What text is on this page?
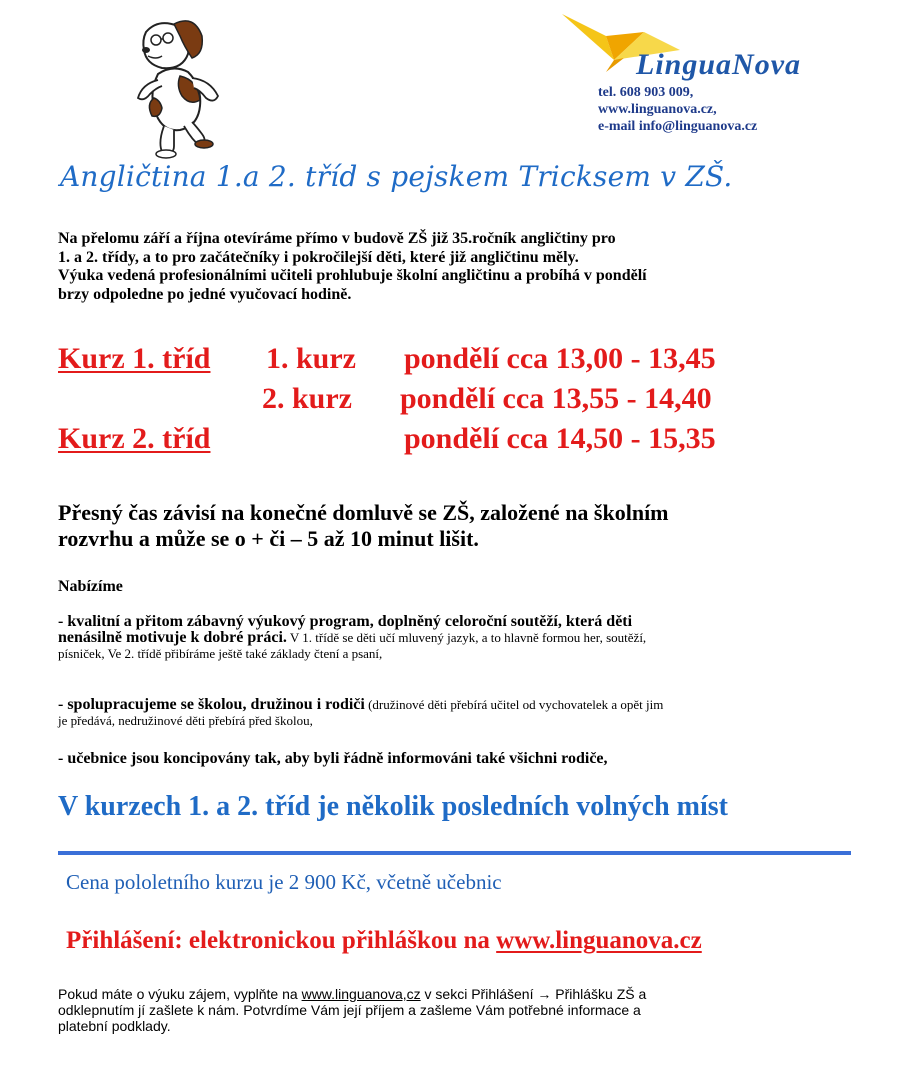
LinguaNova
tel. 608 903 009,
www.linguanova.cz,
e-mail info@linguanova.cz
Angličtina 1.a 2. tříd s pejskem Tricksem v ZŠ.
Na přelomu září a října otevíráme přímo v budově ZŠ již 35.ročník angličtiny pro
1. a 2. třídy, a to pro začátečníky i pokročilejší děti, které již angličtinu měly.
Výuka vedená profesionálními učiteli prohlubuje školní angličtinu a probíhá v pondělí
brzy odpoledne po jedné vyučovací hodině.
Kurz 1. tříd 1. kurz pondělí cca 13,00 - 13,45
2. kurz pondělí cca 13,55 - 14,40
Kurz 2. tříd	pondělí cca 14,50 - 15,35
Přesný čas závisí na konečné domluvě se ZŠ, založené na školním
rozvrhu a může se o + či – 5 až 10 minut lišit.
Nabízíme
- kvalitní a přitom zábavný výukový program, doplněný celoroční soutěží, která děti
nenásilně motivuje k dobré práci. V 1. třídě se děti učí mluvený jazyk, a to hlavně formou her, soutěží,
písniček, Ve 2. třídě přibíráme ještě také základy čtení a psaní,
- spolupracujeme se školou, družinou i rodiči (družinové děti přebírá učitel od vychovatelek a opět jim
je předává, nedružinové děti přebírá před školou,
- učebnice jsou koncipovány tak, aby byli řádně informováni také všichni rodiče,
V kurzech 1. a 2. tříd je několik posledních volných míst
Cena pololetního kurzu je 2 900 Kč, včetně učebnic
Přihlášení: elektronickou přihláškou na www.linguanova.cz
Pokud máte o výuku zájem, vyplňte na www.linguanova,cz v sekci Přihlášení → Přihlášku ZŠ a
odklepnutím jí zašlete k nám. Potvrdíme Vám její příjem a zašleme Vám potřebné informace a
platební podklady.
